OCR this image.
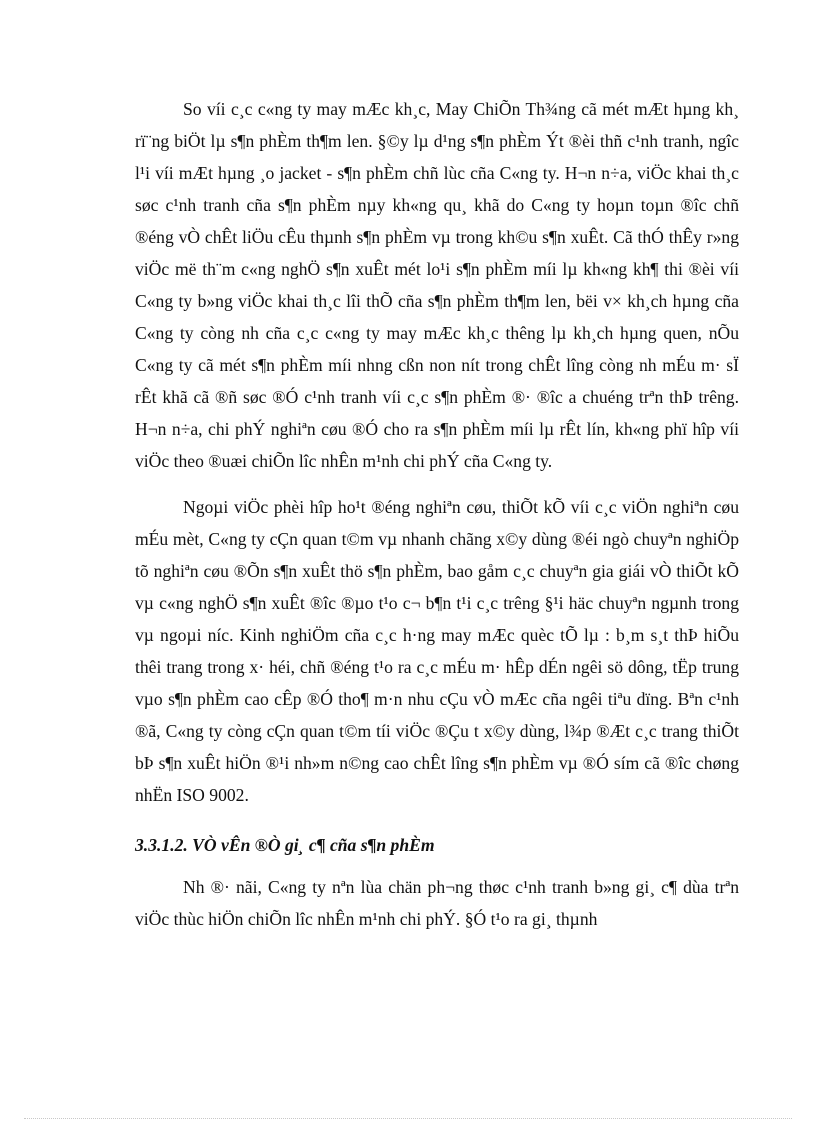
So víi c¸c c«ng ty may mÆc kh¸c, May ChiÕn Th¾ng cã mét mÆt hµng kh¸ rï¨ng biÖt lµ s¶n phÈm th¶m len. §©y lµ d¹ng s¶n phÈm Ýt ®èi thñ c¹nh tranh, ngîc l¹i víi mÆt hµng ¸o jacket - s¶n phÈm chñ lùc cña C«ng ty. H¬n n÷a, viÖc khai th¸c søc c¹nh tranh cña s¶n phÈm nµy kh«ng qu¸ khã do C«ng ty hoµn toµn ®îc chñ ®éng vÒ chÊt liÖu cÊu thµnh s¶n phÈm vµ trong kh©u s¶n xuÊt. Cã thÓ thÊy r»ng viÖc më th¨m c«ng nghÖ s¶n xuÊt mét lo¹i s¶n phÈm míi lµ kh«ng kh¶ thi ®èi víi C«ng ty b»ng viÖc khai th¸c lîi thÕ cña s¶n phÈm th¶m len, bëi v× kh¸ch hµng cña C«ng ty còng nh cña c¸c c«ng ty may mÆc kh¸c thêng lµ kh¸ch hµng quen, nÕu C«ng ty cã mét s¶n phÈm míi nhng cßn non nít trong chÊt lîng còng nh mÉu m· sÏ rÊt khã cã ®ñ søc ®Ó c¹nh tranh víi c¸c s¶n phÈm ®· ®îc a chuéng trªn thÞ trêng. H¬n n÷a, chi phÝ nghiªn cøu ®Ó cho ra s¶n phÈm míi lµ rÊt lín, kh«ng phï hîp víi viÖc theo ®uæi chiÕn lîc nhÊn m¹nh chi phÝ cña C«ng ty.

Ngoµi viÖc phèi hîp ho¹t ®éng nghiªn cøu, thiÕt kÕ víi c¸c viÖn nghiªn cøu mÉu mèt, C«ng ty cÇn quan t©m vµ nhanh chãng x©y dùng ®éi ngò chuyªn nghiÖp tõ nghiªn cøu ®Õn s¶n xuÊt thö s¶n phÈm, bao gåm c¸c chuyªn gia giái vÒ thiÕt kÕ vµ c«ng nghÖ s¶n xuÊt ®îc ®µo t¹o c¬ b¶n t¹i c¸c trêng §¹i häc chuyªn ngµnh trong vµ ngoµi níc. Kinh nghiÖm cña c¸c h·ng may mÆc quèc tÕ lµ : b¸m s¸t thÞ hiÕu thêi trang trong x· héi, chñ ®éng t¹o ra c¸c mÉu m· hÊp dÉn ngêi sö dông, tËp trung vµo s¶n phÈm cao cÊp ®Ó tho¶ m·n nhu cÇu vÒ mÆc cña ngêi tiªu dïng. Bªn c¹nh ®ã, C«ng ty còng cÇn quan t©m tíi viÖc ®Çu t x©y dùng, l¾p ®Æt c¸c trang thiÕt bÞ s¶n xuÊt hiÖn ®¹i nh»m n©ng cao chÊt lîng s¶n phÈm vµ ®Ó sím cã ®îc chøng nhËn ISO 9002.

3.3.1.2. VÒ vÊn ®Ò gi¸ c¶ cña s¶n phÈm

Nh ®· nãi, C«ng ty nªn lùa chän ph¬ng thøc c¹nh tranh b»ng gi¸ c¶ dùa trªn viÖc thùc hiÖn chiÕn lîc nhÊn m¹nh chi phÝ. §Ó t¹o ra gi¸ thµnh
